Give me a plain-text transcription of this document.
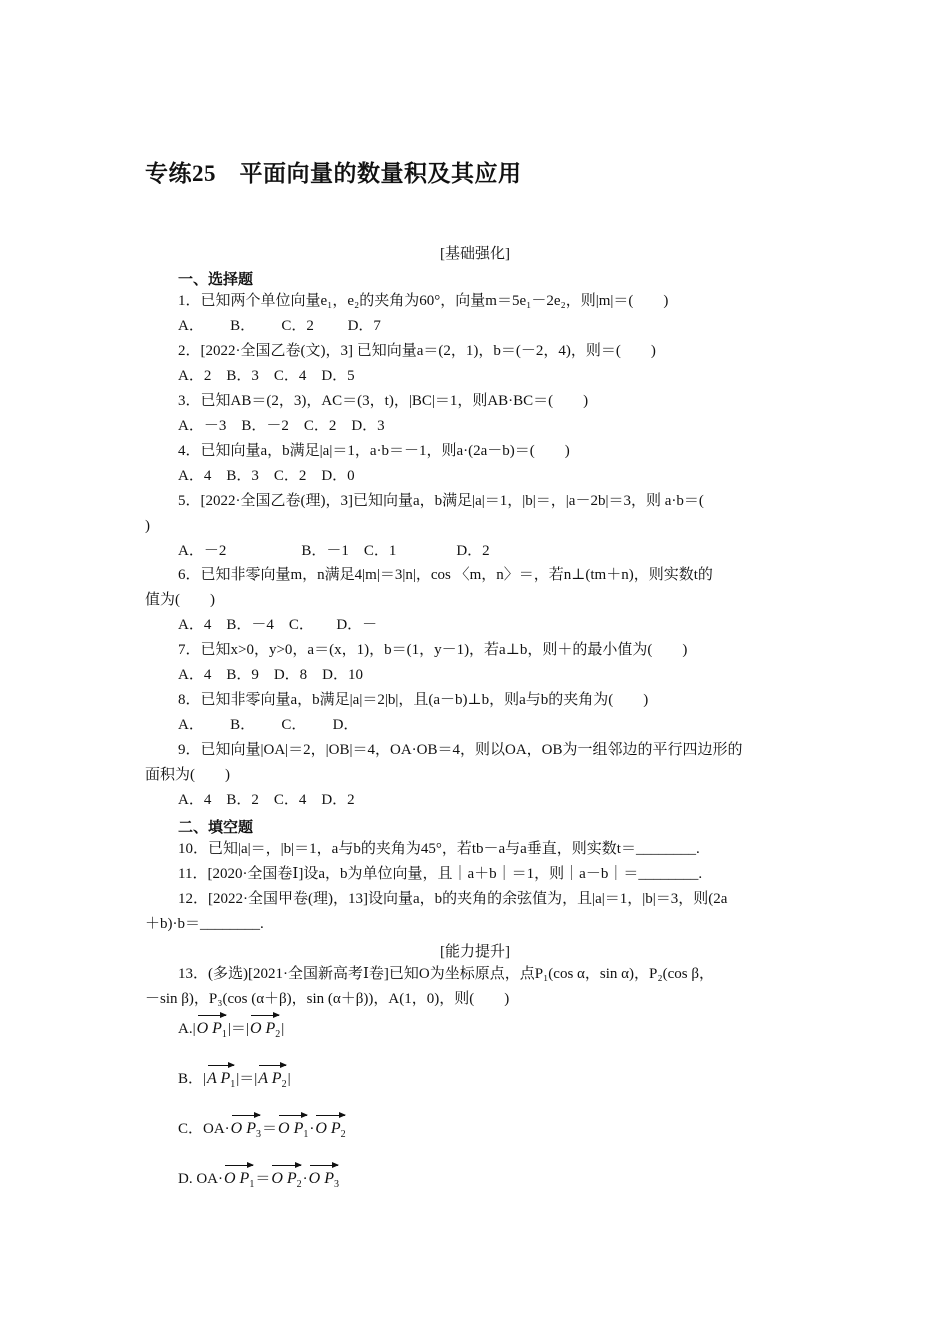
专练25　平面向量的数量积及其应用
[基础强化]
一、选择题
1．已知两个单位向量e₁，e₂的夹角为60°，向量m＝5e₁－2e₂，则|m|＝(　　)
A．　　 B．　　 C．2　　 D．7
2．[2022·全国乙卷(文)，3] 已知向量a＝(2，1)，b＝(－2，4)，则＝(　　)
A．2　B．3　C．4　D．5
3．已知AB＝(2，3)，AC＝(3，t)，|BC|＝1，则AB·BC＝(　　)
A．－3　B．－2　C．2　D．3
4．已知向量a，b满足|a|＝1，a·b＝－1，则a·(2a－b)＝(　　)
A．4　B．3　C．2　D．0
5．[2022·全国乙卷(理)，3]已知向量a，b满足|a|＝1，|b|＝，|a－2b|＝3，则 a·b＝(
)
A．－2　　　　　B．－1　C．1　　　　D．2
6．已知非零向量m，n满足4|m|＝3|n|，cos 〈m，n〉＝，若n⊥(tm＋n)，则实数t的
值为(　　)
A．4　B．－4　C．　　D．－
7．已知x>0，y>0，a＝(x，1)，b＝(1，y－1)，若a⊥b，则＋的最小值为(　　)
A．4　B．9　D．8　D．10
8．已知非零向量a，b满足|a|＝2|b|，且(a－b)⊥b，则a与b的夹角为(　　)
A．　　 B．　　 C．　　 D．
9．已知向量|OA|＝2，|OB|＝4，OA·OB＝4，则以OA，OB为一组邻边的平行四边形的
面积为(　　)
A．4　B．2　C．4　D．2
二、填空题
10．已知|a|＝，|b|＝1，a与b的夹角为45°，若tb－a与a垂直，则实数t＝________.
11．[2020·全国卷Ⅰ]设a，b为单位向量，且｜a＋b｜＝1，则｜a－b｜＝________.
12．[2022·全国甲卷(理)，13]设向量a，b的夹角的余弦值为，且|a|＝1，|b|＝3，则(2a
＋b)·b＝________.
[能力提升]
13．(多选)[2021·全国新高考Ⅰ卷]已知O为坐标原点，点P₁(cos α，sin α)，P₂(cos β，
－sin β)，P₃(cos (α＋β)，sin (α＋β))，A(1，0)，则(　　)
A.|O $P_1|=|O$ $P_2|$
B．|A $P_1|=|A$ $P_2|$
C．OA·O $P_3=O$ $P_1\cdot O$ $P_2$
D. OA·O $P_1=O$ $P_2\cdot O$ $P_3$
